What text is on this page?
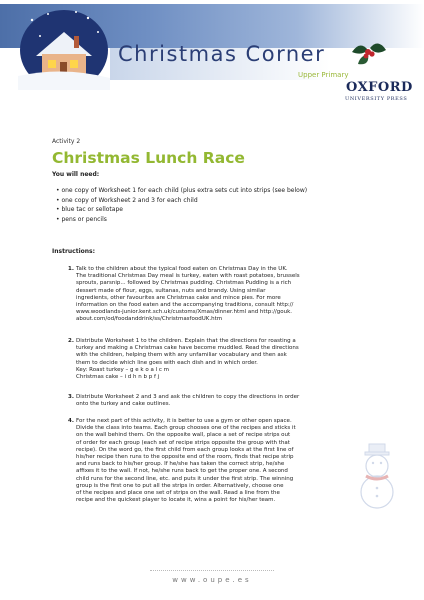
Christmas Corner
Upper Primary
OXFORD
UNIVERSITY PRESS
Activity 2
Christmas Lunch Race
You will need:
• one copy of Worksheet 1 for each child (plus extra sets cut into strips (see below)
• one copy of Worksheet 2 and 3 for each child
• blue tac or sellotape
• pens or pencils
Instructions:
1. Talk to the children about the typical food eaten on Christmas Day in the UK.

The traditional Christmas Day meal is turkey, eaten with roast potatoes, brussels

sprouts, parsnip... followed by Christmas pudding. Christmas Pudding is a rich

dessert made of flour, eggs, sultanas, nuts and brandy. Using similar

ingredients, other favourites are Christmas cake and mince pies. For more

information on the food eaten and the accompanying traditions, consult http://

www.woodlands-junior.kent.sch.uk/customs/Xmas/dinner.html and http://gouk.

about.com/od/foodanddrink/ss/ChristmasfoodUK.htm

2. Distribute Worksheet 1 to the children. Explain that the directions for roasting a

turkey and making a Christmas cake have become muddled. Read the directions

with the children, helping them with any unfamiliar vocabulary and then ask

them to decide which line goes with each dish and in which order.

Key: Roast turkey – g e k o a l c m

Christmas cake – i d h n b p f j

3. Distribute Worksheet 2 and 3 and ask the children to copy the directions in order

onto the turkey and cake outlines.

4. For the next part of this activity, it is better to use a gym or other open space.

Divide the class into teams. Each group chooses one of the recipes and sticks it

on the wall behind them. On the opposite wall, place a set of recipe strips out

of order for each group (each set of recipe strips opposite the group with that

recipe). On the word go, the first child from each group looks at the first line of

his/her recipe then runs to the opposite end of the room, finds that recipe strip

and runs back to his/her group. If he/she has taken the correct strip, he/she

affixes it to the wall. If not, he/she runs back to get the proper one. A second

child runs for the second line, etc. and puts it under the first strip. The winning

group is the first one to put all the strips in order. Alternatively, choose one

of the recipes and place one set of strips on the wall. Read a line from the

recipe and the quickest player to locate it, wins a point for his/her team.

www.oupe.es
